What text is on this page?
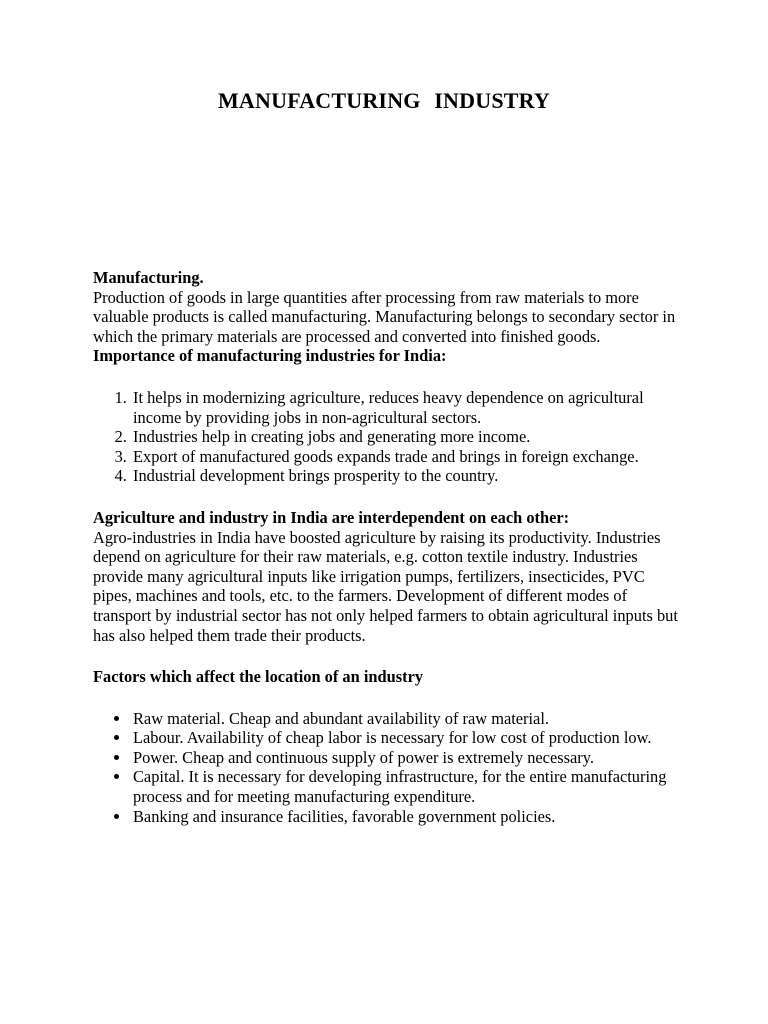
MANUFACTURING INDUSTRY

Manufacturing.

Production of goods in large quantities after processing from raw materials to more valuable products is called manufacturing. Manufacturing belongs to secondary sector in which the primary materials are processed and converted into finished goods.

Importance of manufacturing industries for India:

1. It helps in modernizing agriculture, reduces heavy dependence on agricultural income by providing jobs in non-agricultural sectors.
2. Industries help in creating jobs and generating more income.
3. Export of manufactured goods expands trade and brings in foreign exchange.
4. Industrial development brings prosperity to the country.

Agriculture and industry in India are interdependent on each other:

Agro-industries in India have boosted agriculture by raising its productivity. Industries depend on agriculture for their raw materials, e.g. cotton textile industry. Industries provide many agricultural inputs like irrigation pumps, fertilizers, insecticides, PVC pipes, machines and tools, etc. to the farmers. Development of different modes of transport by industrial sector has not only helped farmers to obtain agricultural inputs but has also helped them trade their products.

Factors which affect the location of an industry

• Raw material. Cheap and abundant availability of raw material.
• Labour. Availability of cheap labor is necessary for low cost of production low.
• Power. Cheap and continuous supply of power is extremely necessary.
• Capital. It is necessary for developing infrastructure, for the entire manufacturing process and for meeting manufacturing expenditure.
• Banking and insurance facilities, favorable government policies.
